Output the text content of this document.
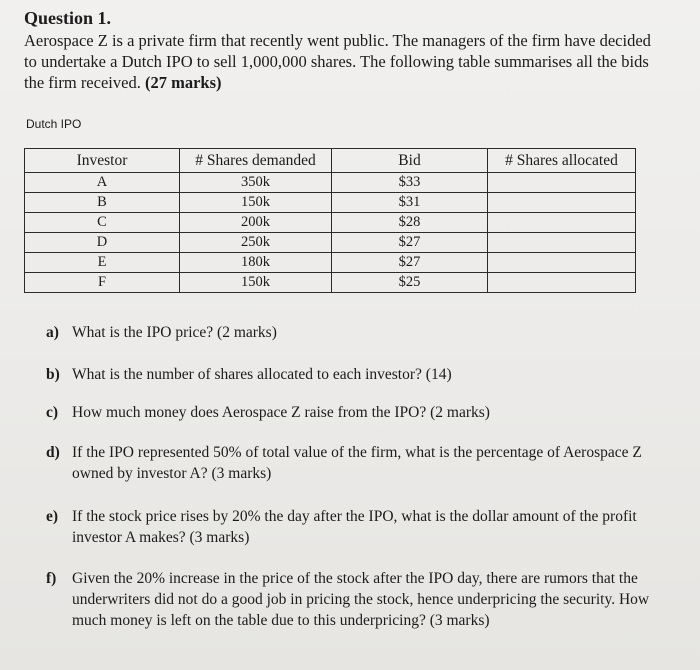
Question 1.
Aerospace Z is a private firm that recently went public. The managers of the firm have decided to undertake a Dutch IPO to sell 1,000,000 shares. The following table summarises all the bids the firm received. (27 marks)
Dutch IPO
Investor	# Shares demanded	Bid	# Shares allocated
A	350k	$33	
B	150k	$31	
C	200k	$28	
D	250k	$27	
E	180k	$27	
F	150k	$25	
a) What is the IPO price? (2 marks)
b) What is the number of shares allocated to each investor? (14)
c) How much money does Aerospace Z raise from the IPO? (2 marks)
d) If the IPO represented 50% of total value of the firm, what is the percentage of Aerospace Z owned by investor A? (3 marks)
e) If the stock price rises by 20% the day after the IPO, what is the dollar amount of the profit investor A makes? (3 marks)
f) Given the 20% increase in the price of the stock after the IPO day, there are rumors that the underwriters did not do a good job in pricing the stock, hence underpricing the security. How much money is left on the table due to this underpricing? (3 marks)
